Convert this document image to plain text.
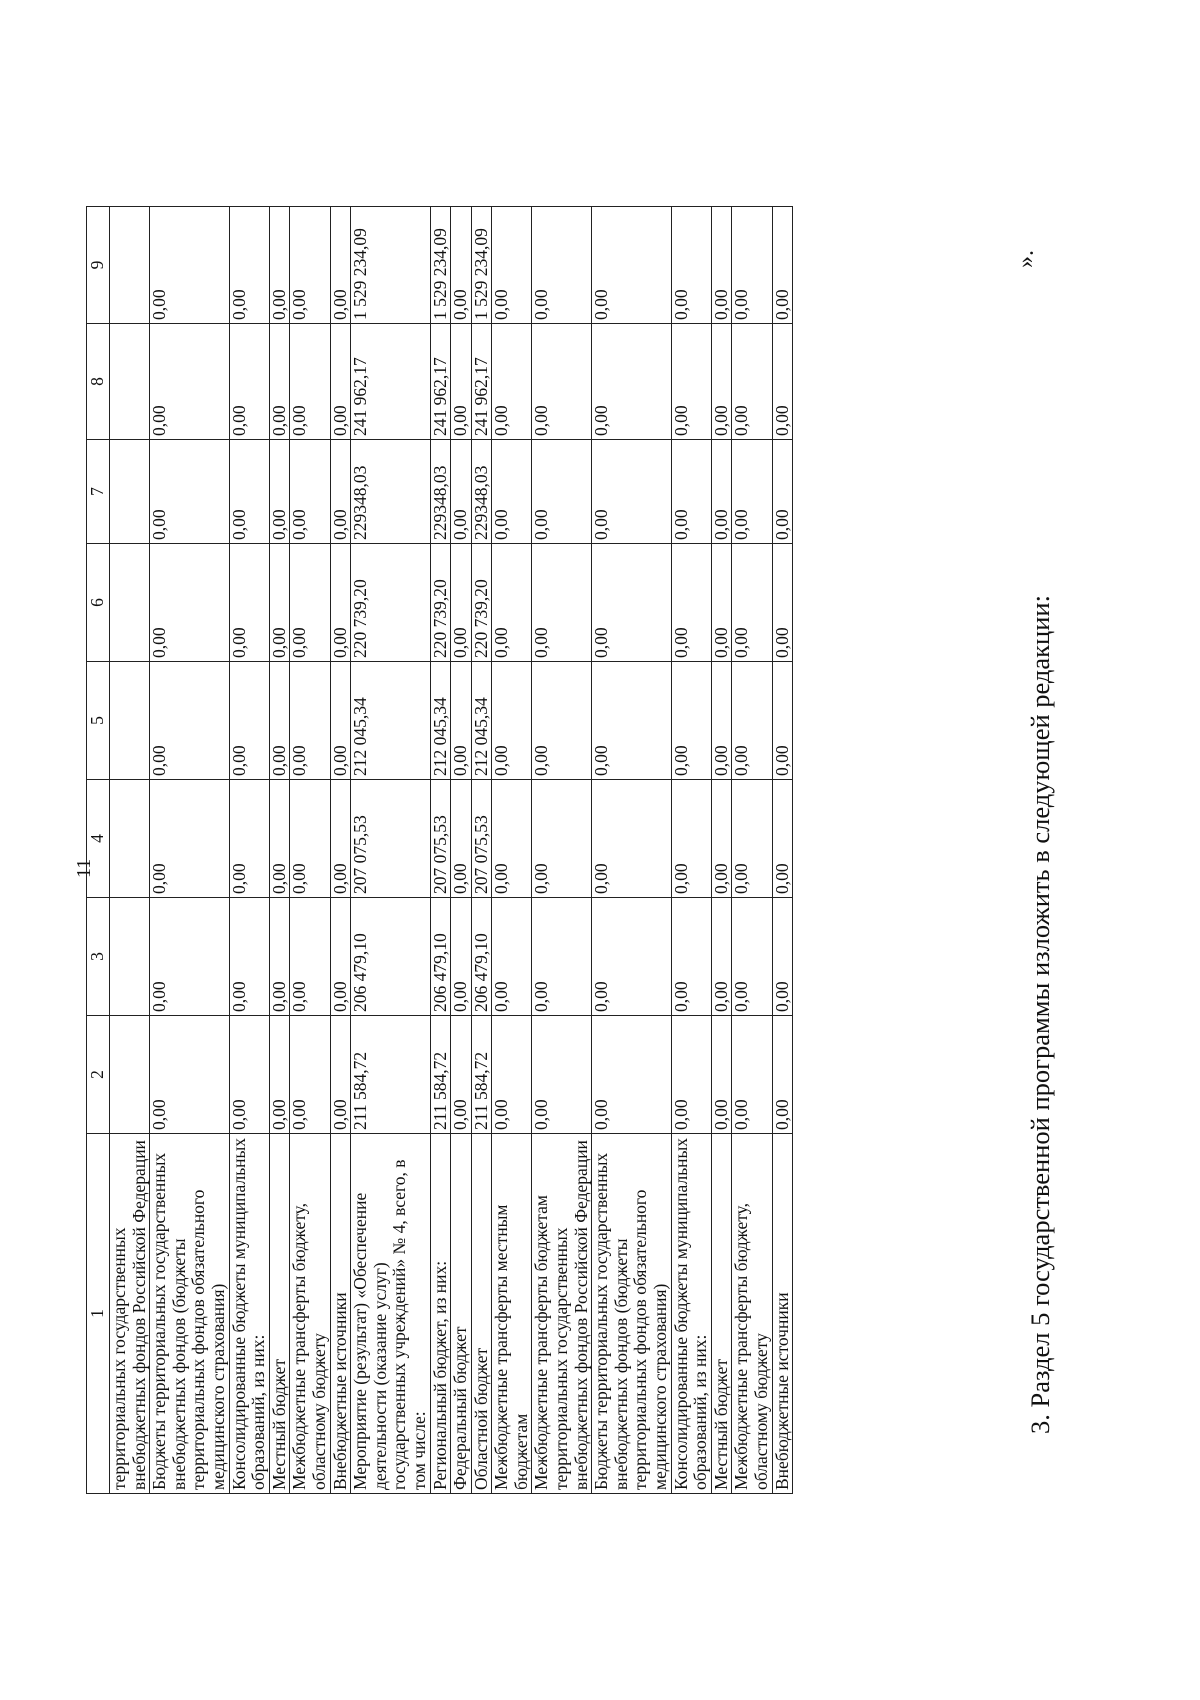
11
1	2	3	4	5	6	7	8	9
территориальных государственных внебюджетных фондов Российской Федерации								
Бюджеты территориальных государственных внебюджетных фондов (бюджеты территориальных фондов обязательного медицинского страхования)	0,00	0,00	0,00	0,00	0,00	0,00	0,00	0,00
Консолидированные бюджеты муниципальных образований, из них:	0,00	0,00	0,00	0,00	0,00	0,00	0,00	0,00
Местный бюджет	0,00	0,00	0,00	0,00	0,00	0,00	0,00	0,00
Межбюджетные трансферты бюджету, областному бюджету	0,00	0,00	0,00	0,00	0,00	0,00	0,00	0,00
Внебюджетные источники	0,00	0,00	0,00	0,00	0,00	0,00	0,00	0,00
Мероприятие (результат) «Обеспечение деятельности (оказание услуг) государственных учреждений» № 4, всего, в том числе:	211 584,72	206 479,10	207 075,53	212 045,34	220 739,20	229348,03	241 962,17	1 529 234,09
Региональный бюджет, из них:	211 584,72	206 479,10	207 075,53	212 045,34	220 739,20	229348,03	241 962,17	1 529 234,09
Федеральный бюджет	0,00	0,00	0,00	0,00	0,00	0,00	0,00	0,00
Областной бюджет	211 584,72	206 479,10	207 075,53	212 045,34	220 739,20	229348,03	241 962,17	1 529 234,09
Межбюджетные трансферты местным бюджетам	0,00	0,00	0,00	0,00	0,00	0,00	0,00	0,00
Межбюджетные трансферты бюджетам территориальных государственных внебюджетных фондов Российской Федерации	0,00	0,00	0,00	0,00	0,00	0,00	0,00	0,00
Бюджеты территориальных государственных внебюджетных фондов (бюджеты территориальных фондов обязательного медицинского страхования)	0,00	0,00	0,00	0,00	0,00	0,00	0,00	0,00
Консолидированные бюджеты муниципальных образований, из них:	0,00	0,00	0,00	0,00	0,00	0,00	0,00	0,00
Местный бюджет	0,00	0,00	0,00	0,00	0,00	0,00	0,00	0,00
Межбюджетные трансферты бюджету, областному бюджету	0,00	0,00	0,00	0,00	0,00	0,00	0,00	0,00
Внебюджетные источники	0,00	0,00	0,00	0,00	0,00	0,00	0,00	0,00
».
3. Раздел 5 государственной программы изложить в следующей редакции:
